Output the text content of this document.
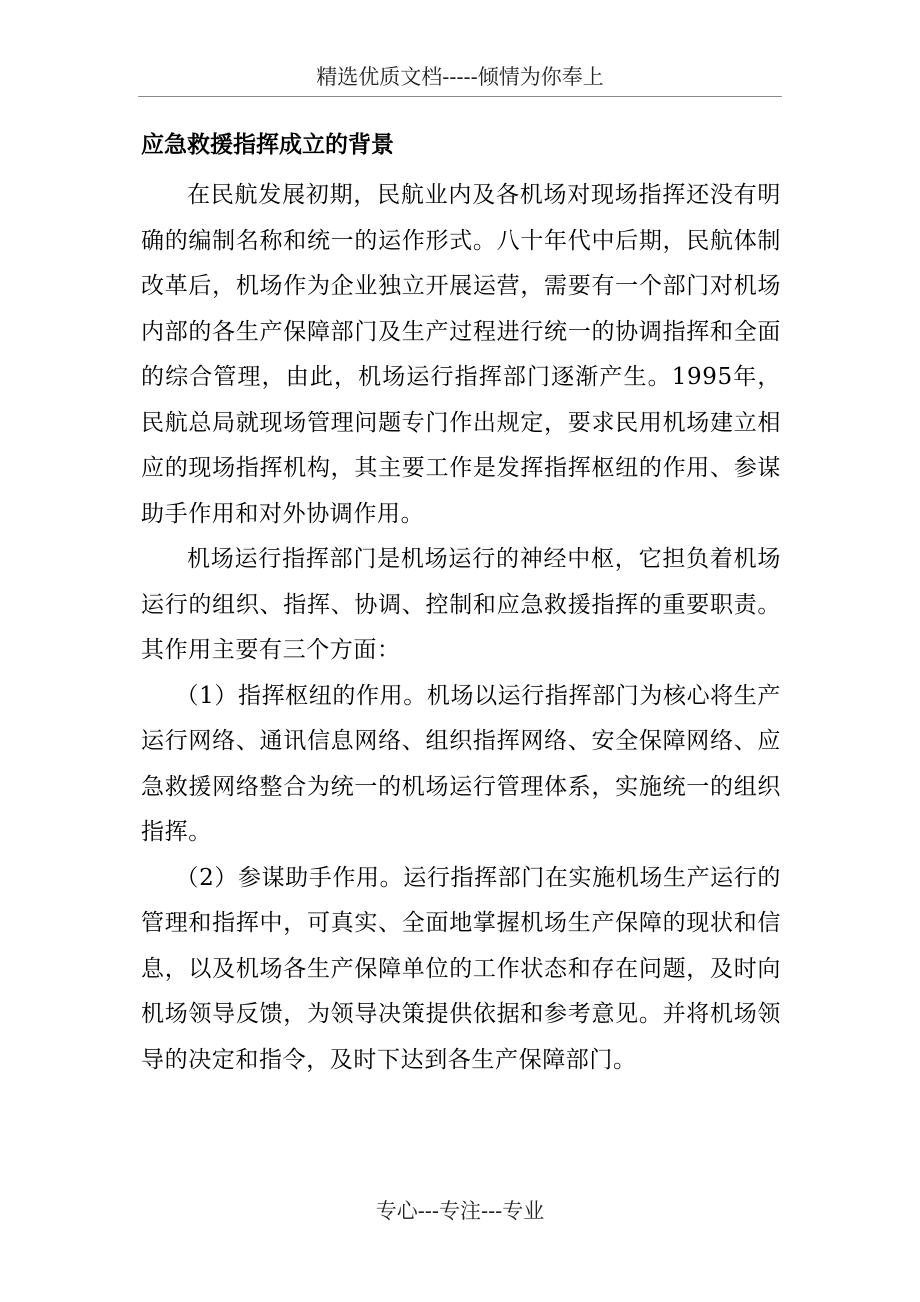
精选优质文档-----倾情为你奉上
应急救援指挥成立的背景

在民航发展初期，民航业内及各机场对现场指挥还没有明确的编制名称和统一的运作形式。八十年代中后期，民航体制改革后，机场作为企业独立开展运营，需要有一个部门对机场内部的各生产保障部门及生产过程进行统一的协调指挥和全面的综合管理，由此，机场运行指挥部门逐渐产生。1995年，民航总局就现场管理问题专门作出规定，要求民用机场建立相应的现场指挥机构，其主要工作是发挥指挥枢纽的作用、参谋助手作用和对外协调作用。

机场运行指挥部门是机场运行的神经中枢，它担负着机场运行的组织、指挥、协调、控制和应急救援指挥的重要职责。其作用主要有三个方面：

（1）指挥枢纽的作用。机场以运行指挥部门为核心将生产运行网络、通讯信息网络、组织指挥网络、安全保障网络、应急救援网络整合为统一的机场运行管理体系，实施统一的组织指挥。

（2）参谋助手作用。运行指挥部门在实施机场生产运行的管理和指挥中，可真实、全面地掌握机场生产保障的现状和信息，以及机场各生产保障单位的工作状态和存在问题，及时向机场领导反馈，为领导决策提供依据和参考意见。并将机场领导的决定和指令，及时下达到各生产保障部门。

专心---专注---专业
